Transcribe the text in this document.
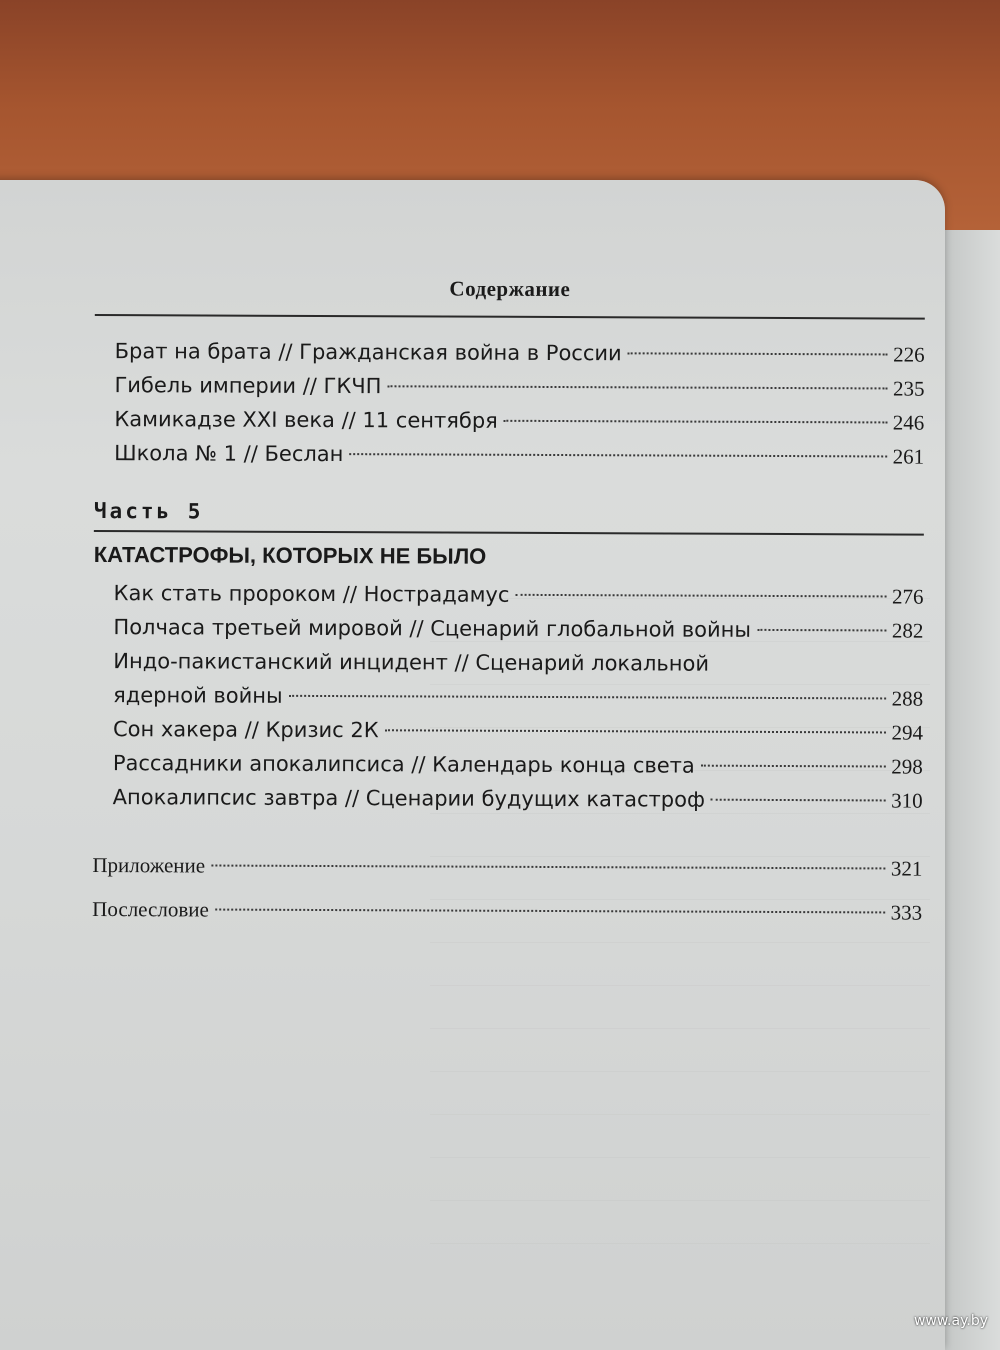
Содержание
Брат на брата // Гражданская война в России	226
Гибель империи // ГКЧП	235
Камикадзе XXI века // 11 сентября	246
Школа № 1 // Беслан	261
Часть 5
КАТАСТРОФЫ, КОТОРЫХ НЕ БЫЛО
Как стать пророком // Нострадамус	276
Полчаса третьей мировой // Сценарий глобальной войны	282
Индо-пакистанский инцидент // Сценарий локальной
ядерной войны	288
Сон хакера // Кризис 2К	294
Рассадники апокалипсиса // Календарь конца света	298
Апокалипсис завтра // Сценарии будущих катастроф	310
Приложение	321
Послесловие	333
www.ay.by
